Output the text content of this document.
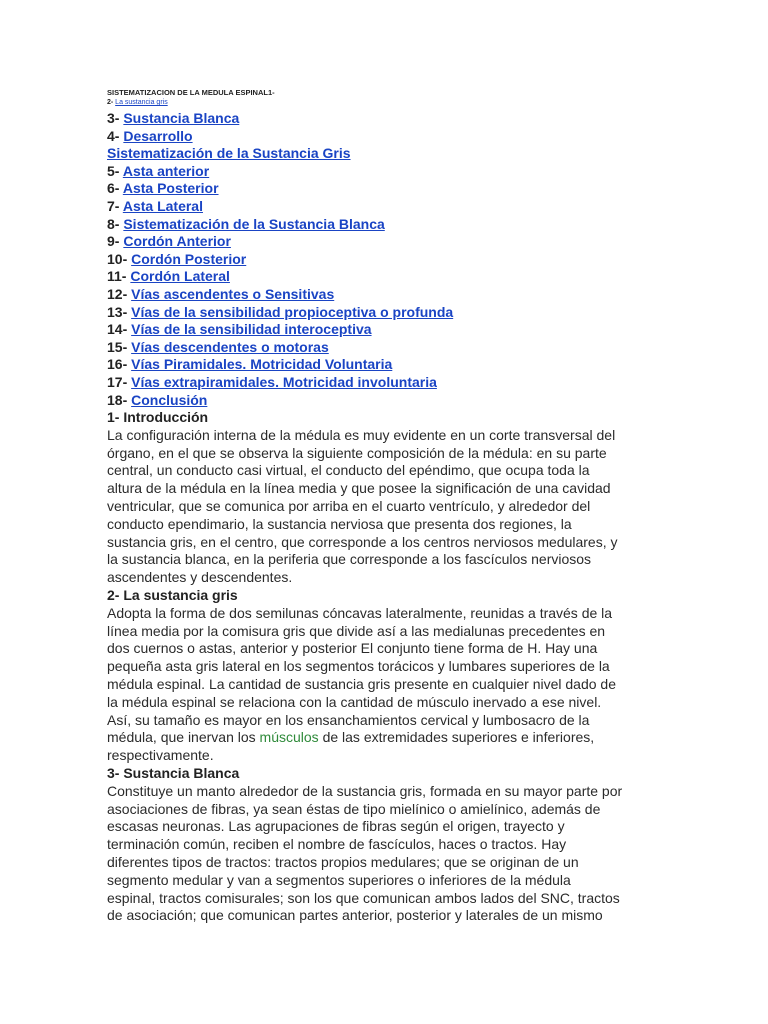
SISTEMATIZACION DE LA MEDULA ESPINAL1-

2- La sustancia gris

3- Sustancia Blanca
4- Desarrollo
Sistematización de la Sustancia Gris
5- Asta anterior
6- Asta Posterior
7- Asta Lateral
8- Sistematización de la Sustancia Blanca
9- Cordón Anterior
10- Cordón Posterior
11- Cordón Lateral
12- Vías ascendentes o Sensitivas
13- Vías de la sensibilidad propioceptiva o profunda
14- Vías de la sensibilidad interoceptiva
15- Vías descendentes o motoras
16- Vías Piramidales. Motricidad Voluntaria
17- Vías extrapiramidales. Motricidad involuntaria
18- Conclusión

1- Introducción

La configuración interna de la médula es muy evidente en un corte transversal del

órgano, en el que se observa la siguiente composición de la médula: en su parte

central, un conducto casi virtual, el conducto del epéndimo, que ocupa toda la

altura de la médula en la línea media y que posee la significación de una cavidad

ventricular, que se comunica por arriba en el cuarto ventrículo, y alrededor del

conducto ependimario, la sustancia nerviosa que presenta dos regiones, la

sustancia gris, en el centro, que corresponde a los centros nerviosos medulares, y

la sustancia blanca, en la periferia que corresponde a los fascículos nerviosos

ascendentes y descendentes.

2- La sustancia gris

Adopta la forma de dos semilunas cóncavas lateralmente, reunidas a través de la

línea media por la comisura gris que divide así a las medialunas precedentes en

dos cuernos o astas, anterior y posterior El conjunto tiene forma de H. Hay una

pequeña asta gris lateral en los segmentos torácicos y lumbares superiores de la

médula espinal. La cantidad de sustancia gris presente en cualquier nivel dado de

la médula espinal se relaciona con la cantidad de músculo inervado a ese nivel.

Así, su tamaño es mayor en los ensanchamientos cervical y lumbosacro de la

médula, que inervan los músculos de las extremidades superiores e inferiores,

respectivamente.

3- Sustancia Blanca

Constituye un manto alrededor de la sustancia gris, formada en su mayor parte por

asociaciones de fibras, ya sean éstas de tipo mielínico o amielínico, además de

escasas neuronas. Las agrupaciones de fibras según el origen, trayecto y

terminación común, reciben el nombre de fascículos, haces o tractos. Hay

diferentes tipos de tractos: tractos propios medulares; que se originan de un

segmento medular y van a segmentos superiores o inferiores de la médula

espinal, tractos comisurales; son los que comunican ambos lados del SNC, tractos

de asociación; que comunican partes anterior, posterior y laterales de un mismo
